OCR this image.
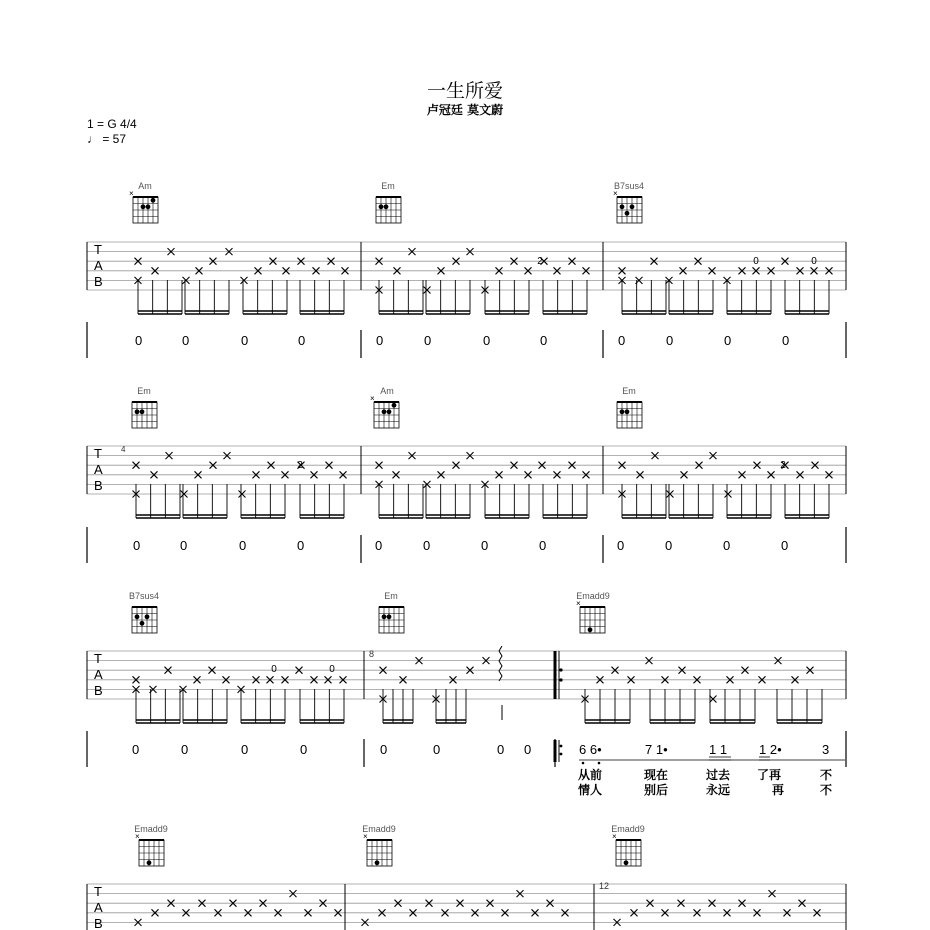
一生所爱
卢冠廷 莫文蔚
1 = G 4/4
♩ = 57
Am	Em	B7sus4
Em	Am	Em
B7sus4	Em	Emadd9
Emadd9	Emadd9	Emadd9
0	0	0	0	0	0	0	0	0	0	0	0
0	0	0	0	0	0	0	0	0	0	0	0
0	0	0	0	0	0	0 0	6 6•	7 1•	1 1 1 2•	3
从前	现在	过去 了再	不
情人	别后	永远	再	不
×	×
×
×
×	×	×
T
A
B
T
A
B
T
A
B
T
A
B
4
8
12
2	0	0
2	2
0	0
